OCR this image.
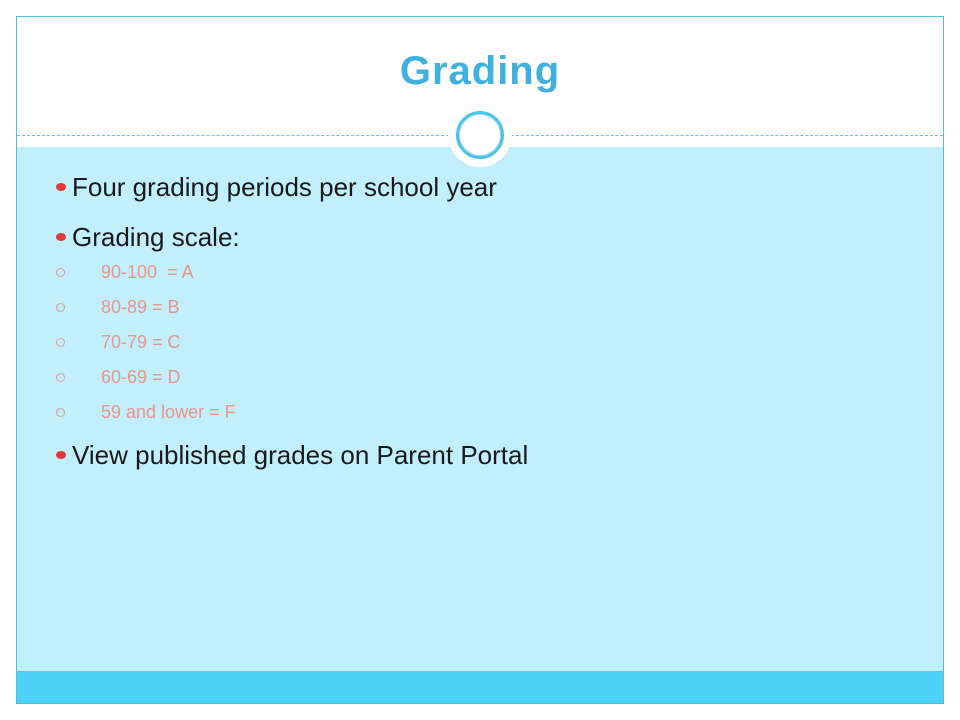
Grading
Four grading periods per school year
Grading scale:
90-100  = A
80-89 = B
70-79 = C
60-69 = D
59 and lower = F
View published grades on Parent Portal
